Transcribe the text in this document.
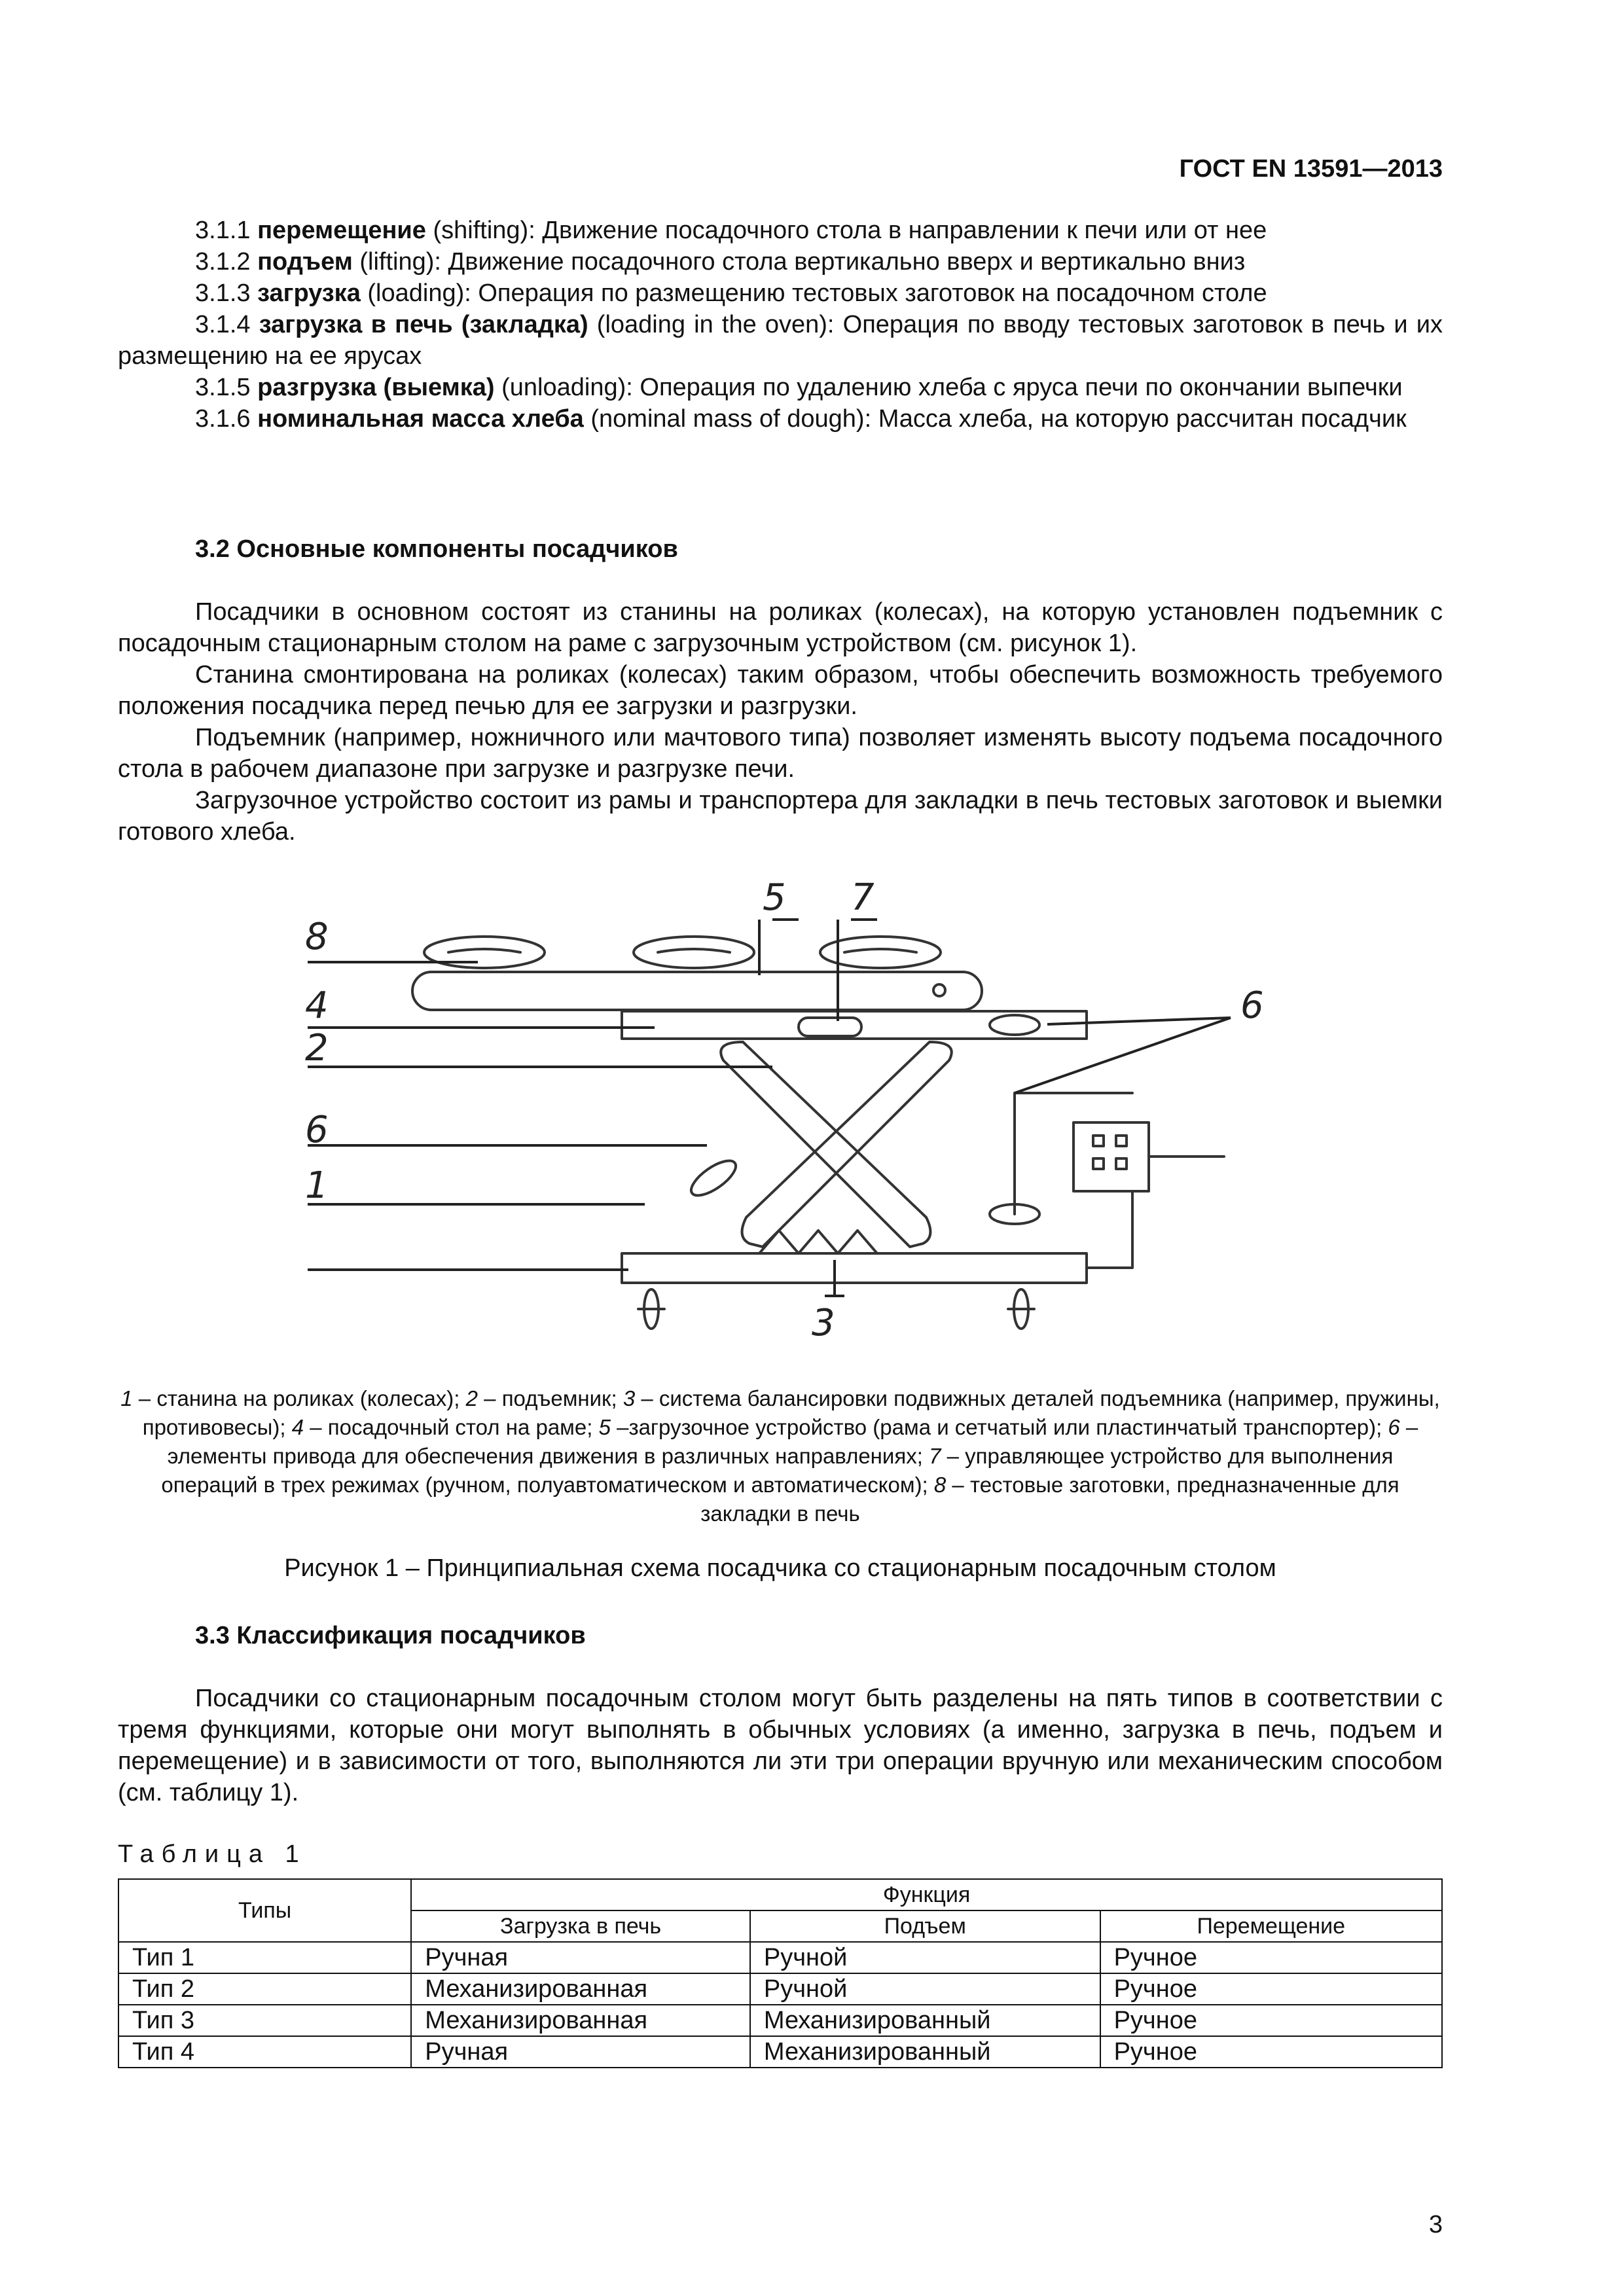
ГОСТ EN 13591—2013

3.1.1 перемещение (shifting): Движение посадочного стола в направлении к печи или от нее

3.1.2 подъем (lifting): Движение посадочного стола вертикально вверх и вертикально вниз

3.1.3 загрузка (loading): Операция по размещению тестовых заготовок на посадочном столе

3.1.4 загрузка в печь (закладка) (loading in the oven): Операция по вводу тестовых заготовок в печь и их размещению на ее ярусах

3.1.5 разгрузка (выемка) (unloading): Операция по удалению хлеба с яруса печи по окончании выпечки

3.1.6 номинальная масса хлеба (nominal mass of dough): Масса хлеба, на которую рассчитан посадчик

3.2 Основные компоненты посадчиков

Посадчики в основном состоят из станины на роликах (колесах), на которую установлен подъемник с посадочным стационарным столом на раме с загрузочным устройством (см. рисунок 1).

Станина смонтирована на роликах (колесах) таким образом, чтобы обеспечить возможность требуемого положения посадчика перед печью для ее загрузки и разгрузки.

Подъемник (например, ножничного или мачтового типа) позволяет изменять высоту подъема посадочного стола в рабочем диапазоне при загрузке и разгрузке печи.

Загрузочное устройство состоит из рамы и транспортера для закладки в печь тестовых заготовок и выемки готового хлеба.

8
4
2
6
1
5 7
6
3
1 – станина на роликах (колесах); 2 – подъемник; 3 – система балансировки подвижных деталей подъемника (например, пружины, противовесы); 4 – посадочный стол на раме; 5 –загрузочное устройство (рама и сетчатый или пластинчатый транспортер); 6 – элементы привода для обеспечения движения в различных направлениях; 7 – управляющее устройство для выполнения операций в трех режимах (ручном, полуавтоматическом и автоматическом); 8 – тестовые заготовки, предназначенные для закладки в печь
Рисунок 1 – Принципиальная схема посадчика со стационарным посадочным столом

3.3 Классификация посадчиков

Посадчики со стационарным посадочным столом могут быть разделены на пять типов в соответствии с тремя функциями, которые они могут выполнять в обычных условиях (а именно, загрузка в печь, подъем и перемещение) и в зависимости от того, выполняются ли эти три операции вручную или механическим способом (см. таблицу 1).

Таблица 1
Типы	Функция		
	Загрузка в печь	Подъем	Перемещение
Тип 1	Ручная	Ручной	Ручное
Тип 2	Механизированная	Ручной	Ручное
Тип 3	Механизированная	Механизированный	Ручное
Тип 4	Ручная	Механизированный	Ручное
3
